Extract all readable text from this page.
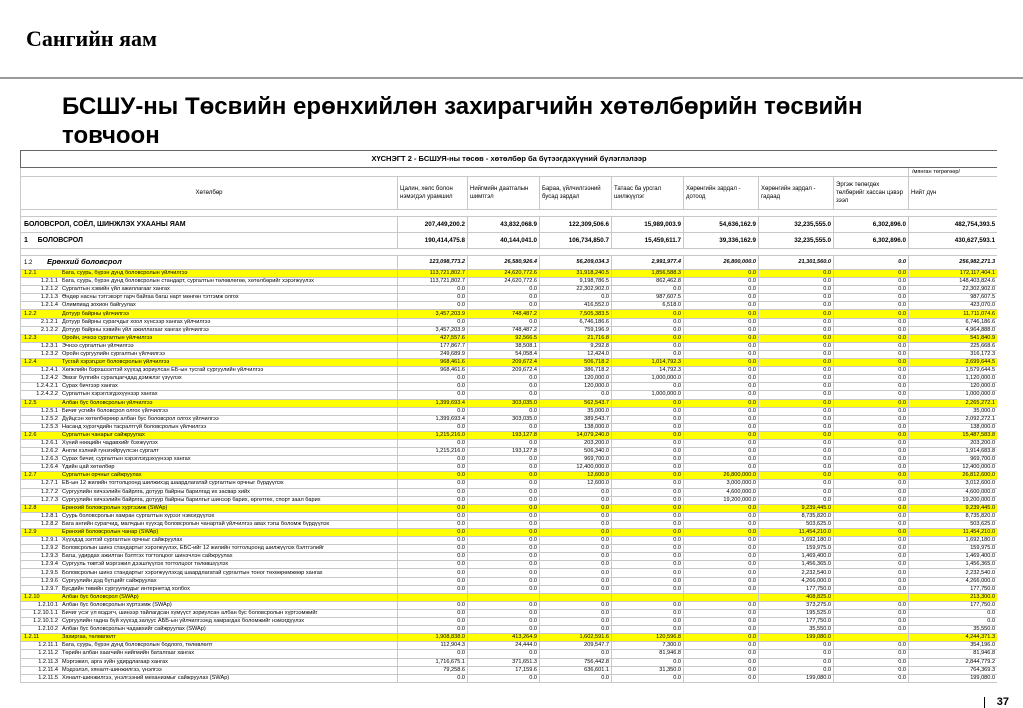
Сангийн яам
БСШУ-ны Төсвийн ерөнхийлөн захирагчийн хөтөлбөрийн төсвийн товчоон
ХҮСНЭГТ 2 - БСШУЯ-ны төсөв - хөтөлбөр ба бүтээгдэхүүний бүлэглэлээр								
								/мянган төгрөгөөр/
Хөтөлбөр	Цалин, хөлс болон нэмэгдэл урамшил	Нийгмийн даатгалын шимтгэл	Бараа, үйлчилгээний бусад зардал	Татаас ба урсгал шилжүүлэг	Хөрөнгийн зардал - дотоод	Хөрөнгийн зардал - гадаад	Эргэж төлөгдөх төлбөрийг хассан цэвэр зээл	Нийт дүн

БОЛОВСРОЛ, СОЁЛ, ШИНЖЛЭХ УХААНЫ ЯАМ	207,449,200.2	43,832,068.9	122,309,506.6	15,989,003.9	54,636,162.9	32,235,555.0	6,302,896.0	482,754,393.5
1 БОЛОВСРОЛ	190,414,475.8	40,144,041.0	106,734,850.7	15,459,611.7	39,336,162.9	32,235,555.0	6,302,896.0	430,627,593.1

1.2 Ерөнхий боловсрол	123,098,773.2	26,580,926.4	56,209,034.3	2,991,977.4	26,800,000.0	21,301,560.0	0.0	256,982,271.3
1.2.1 Бага, суурь, бүрэн дунд боловсролын үйлчилгээ	113,721,802.7	24,620,772.6	31,918,240.5	1,856,588.3	0.0	0.0	0.0	172,117,404.1
1.2.1.1 Бага, суурь, бүрэн дунд боловсролын стандарт, сургалтын төлөвлөгөө, хөтөлбөрийг хэрэгжүүлэх	113,721,802.7	24,620,772.6	9,198,786.5	862,462.8	0.0	0.0	0.0	148,403,824.6
1.2.1.2 Сургалтын хэвийн үйл ажиллагааг хангах	0.0	0.0	22,302,902.0	0.0	0.0	0.0	0.0	22,302,902.0
1.2.1.3 Өндөр насны тэтгэвэрт гарч байгаа багш нарт мөнгөн тэтгэмж олгох	0.0	0.0	0.0	987,607.5	0.0	0.0	0.0	987,607.5
1.2.1.4 Олимпиад зохион байгуулах	0.0	0.0	416,552.0	6,518.0	0.0	0.0	0.0	423,070.0
1.2.2 Дотуур байрны үйлчилгээ	3,457,203.9	748,487.2	7,505,383.5	0.0	0.0	0.0	0.0	11,711,074.6
2.1.2.1 Дотуур байрны сурагчдыг хоол хүнсээр хангах үйлчилгээ	0.0	0.0	6,746,186.6	0.0	0.0	0.0	0.0	6,746,186.6
2.1.2.2 Дотуур байрны хэвийн үйл ажиллагааг хангах үйлчилгээ	3,457,203.9	748,487.2	759,196.9	0.0	0.0	0.0	0.0	4,964,888.0
1.2.3 Оройн, эчнээ сургалтын үйлчилгээ	427,557.6	92,566.5	21,716.8	0.0	0.0	0.0	0.0	541,840.9
1.2.3.1 Эчнээ сургалтын үйлчилгээ	177,867.7	38,508.1	9,292.8	0.0	0.0	0.0	0.0	225,668.6
1.2.3.2 Оройн сургуулийн сургалтын үйлчилгээ	249,689.9	54,058.4	12,424.0	0.0	0.0	0.0	0.0	316,172.3
1.2.4 Тусгай хэрэгцээт боловсролын үйлчилгээ	968,461.6	209,672.4	506,718.2	1,014,792.3	0.0	0.0	0.0	2,699,644.5
1.2.4.1 Хөгжлийн бэрхшээлтэй хүүхэд зориулсан ЕБ-ын тусгай сургуулийн үйлчилгээ	968,461.6	209,672.4	386,718.2	14,792.3	0.0	0.0	0.0	1,579,644.5
1.2.4.2 Эмзэг бүлгийн суралцагчдад дэмжлэг үзүүлэх	0.0	0.0	120,000.0	1,000,000.0	0.0	0.0	0.0	1,120,000.0
1.2.4.2.1 Сурах бичгээр хангах	0.0	0.0	120,000.0	0.0	0.0	0.0	0.0	120,000.0
1.2.4.2.2 Сургалтын хэрэглэгдэхүүнээр хангах	0.0	0.0	0.0	1,000,000.0	0.0	0.0	0.0	1,000,000.0
1.2.5 Албан бус боловсролын үйлчилгээ	1,399,693.4	303,035.0	562,543.7	0.0	0.0	0.0	0.0	2,265,272.1
1.2.5.1 Бичиг үсгийн боловсрол олгох үйлчилгээ	0.0	0.0	35,000.0	0.0	0.0	0.0	0.0	35,000.0
1.2.5.2 Дүйцсэн хөтөлбөрөөр албан бус боловсрол олгох үйлчилгээ	1,399,693.4	303,035.0	389,543.7	0.0	0.0	0.0	0.0	2,092,272.1
1.2.5.3 Насанд хүрэгчдийн тасралтгүй боловсролын үйлчилгээ	0.0	0.0	138,000.0	0.0	0.0	0.0	0.0	138,000.0
1.2.6 Сургалтын чанарыг сайжруулах	1,215,216.0	193,127.8	14,079,240.0	0.0	0.0	0.0	0.0	15,487,583.8
1.2.6.1 Хүний нөөцийн чадавхийг бэхжүүлэх	0.0	0.0	203,200.0	0.0	0.0	0.0	0.0	203,200.0
1.2.6.2 Англи хэлний гүнзгийрүүлсэн сургалт	1,215,216.0	193,127.8	506,340.0	0.0	0.0	0.0	0.0	1,914,683.8
1.2.6.3 Сурах бичиг, сургалтын хэрэглэгдэхүүнээр хангах	0.0	0.0	969,700.0	0.0	0.0	0.0	0.0	969,700.0
1.2.6.4 Үдийн цай хөтөлбөр	0.0	0.0	12,400,000.0	0.0	0.0	0.0	0.0	12,400,000.0
1.2.7 Сургалтын орчныг сайжруулах	0.0	0.0	12,600.0	0.0	26,800,000.0	0.0	0.0	26,812,600.0
1.2.7.1 ЕБ-ын 12 жилийн тогтолцоонд шилжихэд шаардлагатай сургалтын орчныг бүрдүүлэх	0.0	0.0	12,600.0	0.0	3,000,000.0	0.0	0.0	3,012,600.0
1.2.7.2 Сургуулийн хичээлийн байрлга, дотуур байрны барилгад их засвар хийх	0.0	0.0	0.0	0.0	4,600,000.0	0.0	0.0	4,600,000.0
1.2.7.3 Сургуулийн хичээлийн байрлга, дотуур байрны барилгыг шинээр барих, өргөтгөх, спорт заал барих	0.0	0.0	0.0	0.0	19,200,000.0	0.0	0.0	19,200,000.0
1.2.8 Ерөнхий боловсролын хуртээмж (SWAp)	0.0	0.0	0.0	0.0	0.0	9,239,445.0	0.0	9,239,445.0
1.2.8.1 Суурь боловсролын хамран сургалтын хүрээг нэмэгдүүлэх	0.0	0.0	0.0	0.0	0.0	8,735,820.0	0.0	8,735,820.0
1.2.8.2 Бага ангийн сурагчид, малчдын хүүхэд боловсролын чанартай үйлчилгээ авах тэгш боломж бүрдүүлэх	0.0	0.0	0.0	0.0	0.0	503,625.0	0.0	503,625.0
1.2.9 Ерөнхий боловсролын чанар (SWAp)	0.0	0.0	0.0	0.0	0.0	11,454,210.0	0.0	11,454,210.0
1.2.9.1 Хүүхдэд ээлтэй сургалтын орчныг сайжруулах	0.0	0.0	0.0	0.0	0.0	1,692,180.0	0.0	1,692,180.0
1.2.9.2 Боловсролын шинэ стандартыг хэрэгжүүлэх, ЕБС-ийг 12 жилийн тогтолцоонд шилжүүлэх бэлтгэлийг	0.0	0.0	0.0	0.0	0.0	159,975.0	0.0	159,975.0
1.2.9.3 Багш, удирдах ажилтан бэлтгэх тогтолцоог шинэчлэн сайжруулах	0.0	0.0	0.0	0.0	0.0	1,469,400.0	0.0	1,469,400.0
1.2.9.4 Сургууль төвтэй мэргэжил дээшлүүлэх тогтолцоог төлөвшүүлэх	0.0	0.0	0.0	0.0	0.0	1,456,365.0	0.0	1,456,365.0
1.2.9.5 Боловсролын шинэ стандартыг хэрэгжүүлэхэд шаардлагатай сургалтын тоног төхөөрөмжөөр хангах	0.0	0.0	0.0	0.0	0.0	2,232,540.0	0.0	2,232,540.0
1.2.9.6 Сургуулийн дэд бүтцийг сайжруулах	0.0	0.0	0.0	0.0	0.0	4,266,000.0	0.0	4,266,000.0
1.2.9.7 Бусдийн төвийн сургуулиудыг интернетэд холбох	0.0	0.0	0.0	0.0	0.0	177,750.0	0.0	177,750.0
1.2.10 Албан бус боловсрол (SWAp)						408,825.0		213,300.0
1.2.10.1 Албан бус боловсролын хүртээмж (SWAp)	0.0	0.0	0.0	0.0	0.0	373,275.0	0.0	177,750.0
1.2.10.1.1 Бичиг үсэг үл мэдэгч, шинээр тайлагдсан хүмүүст зориулсан албан бус боловсролын хүртээмжийг	0.0	0.0	0.0	0.0	0.0	195,525.0	0.0	0.0
1.2.10.1.2 Сургуулийн гадна бүй хүүхэд залуус АББ-ын үйлчилгээнд хамрагдах боломжийг нэмэгдүүлэх	0.0	0.0	0.0	0.0	0.0	177,750.0	0.0	0.0
1.2.10.2 Албан бус боловсролын чадавхийг сайжруулах (SWAp)	0.0	0.0	0.0	0.0	0.0	35,550.0	0.0	35,550.0
1.2.11 Захиргаа, төлөвлөлт	1,908,838.0	413,264.9	1,602,591.6	120,596.8	0.0	199,080.0		4,244,371.3
1.2.11.1 Бага, суурь, бүрэн дунд боловсролын бодлого, төлөвлөлт	112,904.3	24,444.0	209,547.7	7,300.0	0.0	0.0	0.0	354,196.0
1.2.11.2 Төрийн албан хаагчийн нийгмийн баталгааг хангах	0.0	0.0	0.0	81,946.8	0.0	0.0	0.0	81,946.8
1.2.11.3 Мэргэжил, арга зүйн удирдлагаар хангах	1,716,675.1	371,651.3	756,442.8	0.0	0.0	0.0	0.0	2,844,779.2
1.2.11.4 Мэдээлэл, хяналт-шинжилгээ, үнэлгээ	79,258.6	17,159.6	636,601.1	31,350.0	0.0	0.0	0.0	764,369.3
1.2.11.5 Хяналт-шинжилгээ, үнэлгээний механизмыг сайжруулах (SWAp)	0.0	0.0	0.0	0.0	0.0	199,080.0	0.0	199,080.0
37
